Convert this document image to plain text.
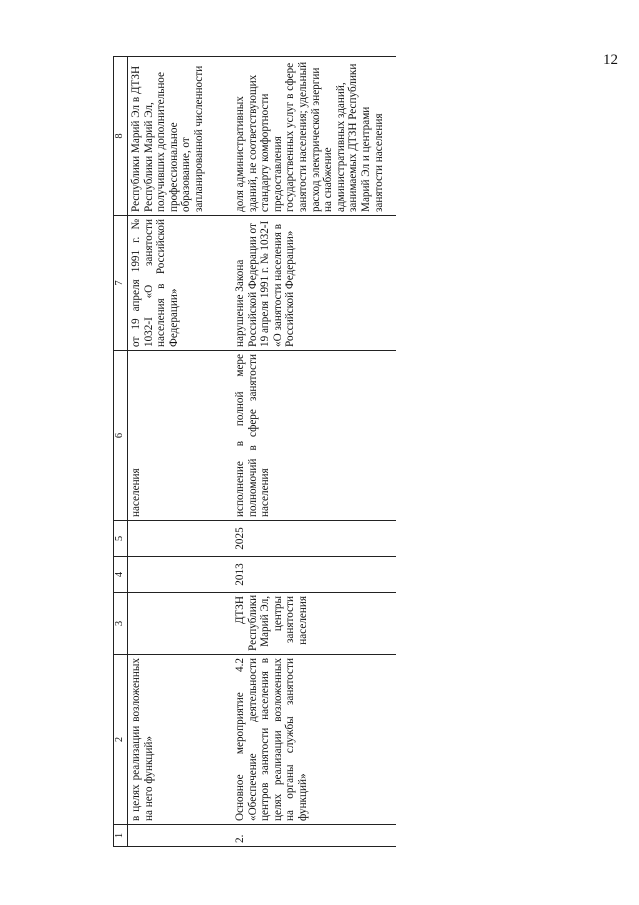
12
1	2	3	4	5	6	7	8
	в целях реализации возложенных на него функций»				населения	от 19 апреля 1991 г. № 1032-I «О занятости населения в Российской Федерации»	Республики Марий Эл в ДТЗН Республики Марий Эл, получивших дополнительное профессиональное образование, от запланированной численности
2.	Основное мероприятие 4.2 «Обеспечение деятельности центров занятости населения в целях реализации возложенных на органы службы занятости функций»	ДТЗН Республики Марий Эл, центры занятости населения	2013	2025	исполнение в полной мере полномочий в сфере занятости населения	нарушение Закона Российской Федерации от 19 апреля 1991 г. № 1032-I «О занятости населения в Российской Федерации»	доля административных зданий, не соответствующих стандарту комфортности предоставления государственных услуг в сфере занятости населения; удельный расход электрической энергии на снабжение административных зданий, занимаемых ДТЗН Республики Марий Эл и центрами занятости населения
